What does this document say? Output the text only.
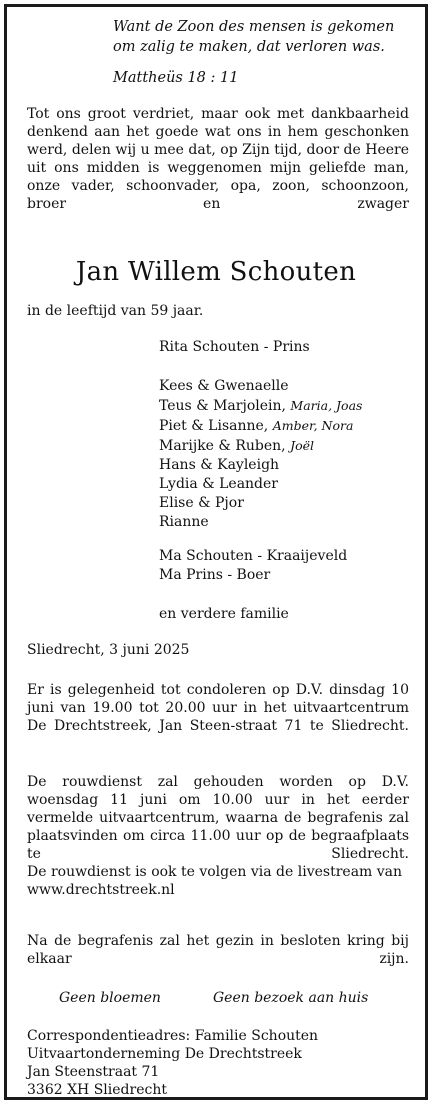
Want de Zoon des mensen is gekomen
om zalig te maken, dat verloren was.
Mattheüs 18 : 11
Tot ons groot verdriet, maar ook met dankbaarheid denkend aan het goede wat ons in hem geschonken werd, delen wij u mee dat, op Zijn tijd, door de Heere uit ons midden is weggenomen mijn geliefde man, onze vader, schoonvader, opa, zoon, schoonzoon, broer en zwager
Jan Willem Schouten
in de leeftijd van 59 jaar.
Rita Schouten - Prins
Kees & Gwenaelle
Teus & Marjolein, Maria, Joas
Piet & Lisanne, Amber, Nora
Marijke & Ruben, Joël
Hans & Kayleigh
Lydia & Leander
Elise & Pjor
Rianne
Ma Schouten - Kraaijeveld
Ma Prins - Boer
en verdere familie
Sliedrecht, 3 juni 2025
Er is gelegenheid tot condoleren op D.V. dinsdag 10 juni van 19.00 tot 20.00 uur in het uitvaartcentrum De Drechtstreek, Jan Steen-straat 71 te Sliedrecht.
De rouwdienst zal gehouden worden op D.V. woensdag 11 juni om 10.00 uur in het eerder vermelde uitvaartcentrum, waarna de begrafenis zal plaatsvinden om circa 11.00 uur op de begraafplaats te Sliedrecht.
De rouwdienst is ook te volgen via de livestream van www.drechtstreek.nl
Na de begrafenis zal het gezin in besloten kring bij elkaar zijn.
Geen bloemen	Geen bezoek aan huis
Correspondentieadres: Familie Schouten
Uitvaartonderneming De Drechtstreek
Jan Steenstraat 71
3362 XH Sliedrecht
